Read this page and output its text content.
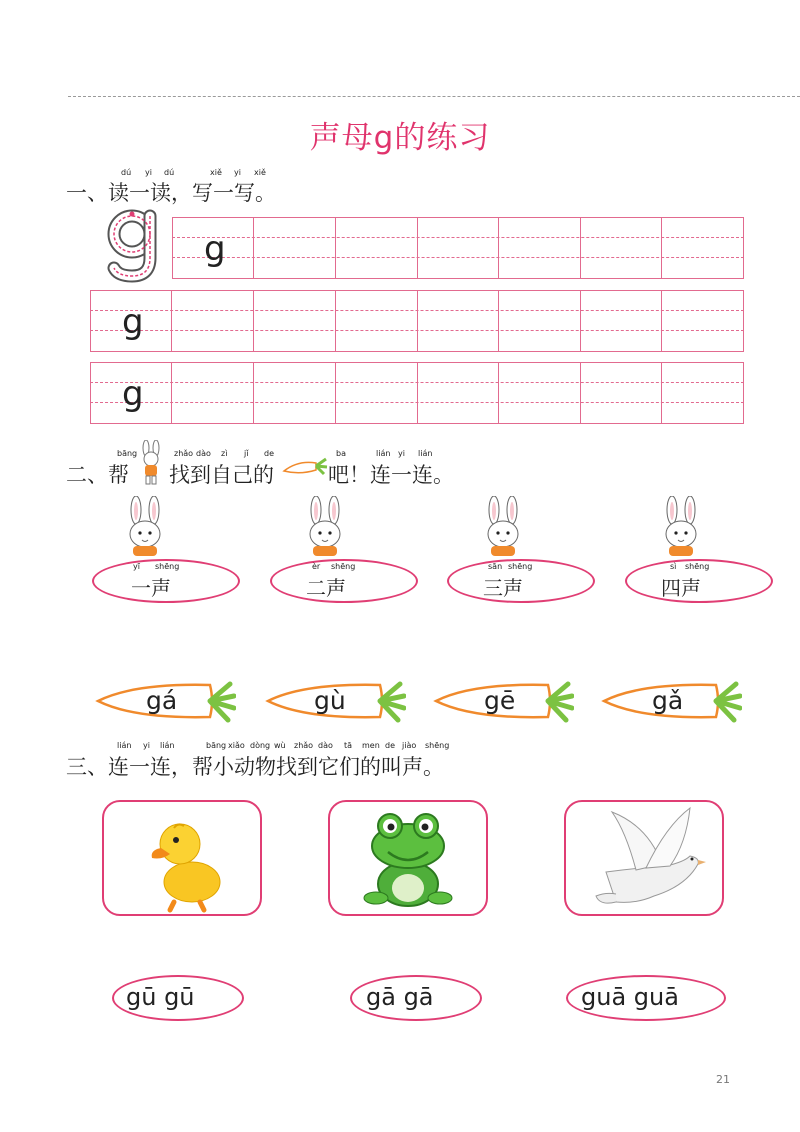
声母g的练习
dú yi dú	xiě yi xiě
一、读一读，写一写。
g
g
g
bāng	zhǎo dào zì jǐ de	ba	lián yi lián
二、帮 找到自己的	吧！连一连。
yī shēng
一声
èr shēng
二声
sān shēng
三声
sì shēng
四声
gá	gù	gē	gǎ
lián yi lián	bāng xiǎo dòng wù zhǎo dào tā men de jiào shēng
三、连一连，帮小动物找到它们的叫声。
gū gū	gā gā	guā guā
21
